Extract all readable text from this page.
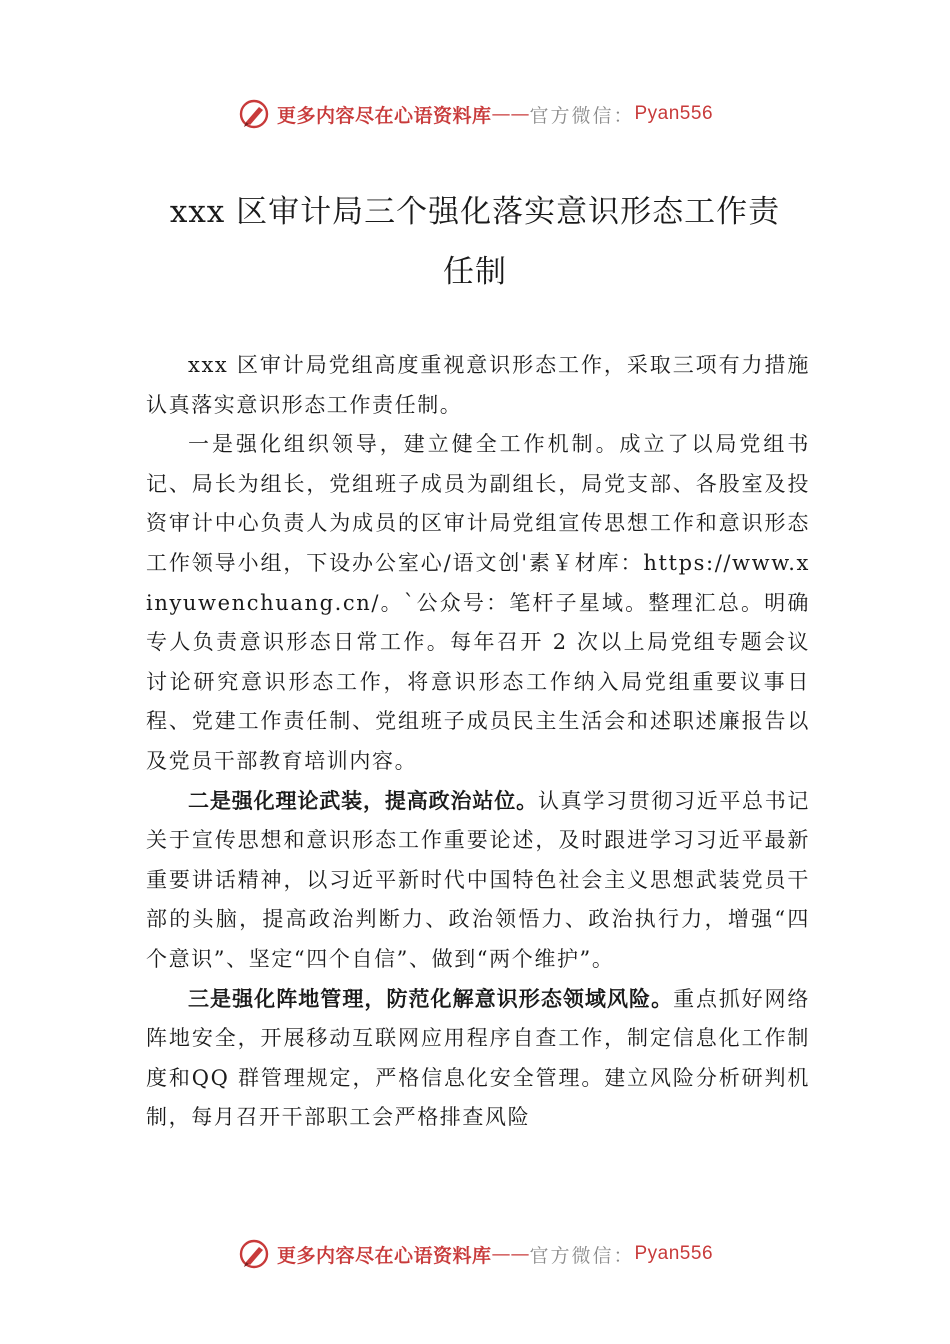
更多内容尽在心语资料库 —— 官方微信： Pyan556
xxx 区审计局三个强化落实意识形态工作责
任制

xxx 区审计局党组高度重视意识形态工作，采取三项有力措施认真落实意识形态工作责任制。

一是强化组织领导，建立健全工作机制。成立了以局党组书记、局长为组长，党组班子成员为副组长，局党支部、各股室及投资审计中心负责人为成员的区审计局党组宣传思想工作和意识形态工作领导小组，下设办公室心/语文创'素￥材库：https://www.xinyuwenchuang.cn/。`公众号：笔杆子星域。整理汇总。明确专人负责意识形态日常工作。每年召开 2 次以上局党组专题会议讨论研究意识形态工作，将意识形态工作纳入局党组重要议事日程、党建工作责任制、党组班子成员民主生活会和述职述廉报告以及党员干部教育培训内容。

二是强化理论武装，提高政治站位。认真学习贯彻习近平总书记关于宣传思想和意识形态工作重要论述，及时跟进学习习近平最新重要讲话精神，以习近平新时代中国特色社会主义思想武装党员干部的头脑，提高政治判断力、政治领悟力、政治执行力，增强“四个意识”、坚定“四个自信”、做到“两个维护”。

三是强化阵地管理，防范化解意识形态领域风险。重点抓好网络阵地安全，开展移动互联网应用程序自查工作，制定信息化工作制度和QQ 群管理规定，严格信息化安全管理。建立风险分析研判机制，每月召开干部职工会严格排查风险

更多内容尽在心语资料库 —— 官方微信： Pyan556
